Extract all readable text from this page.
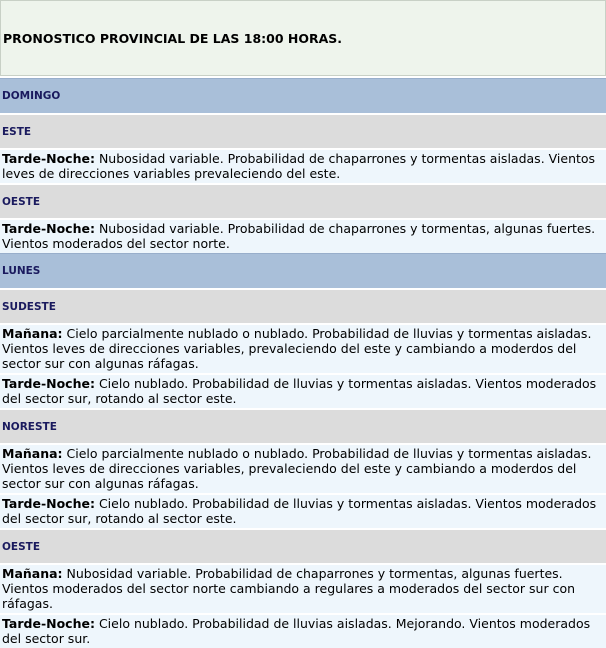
PRONOSTICO PROVINCIAL DE LAS 18:00 HORAS.
DOMINGO
ESTE
Tarde-Noche: Nubosidad variable. Probabilidad de chaparrones y tormentas aisladas. Vientos leves de direcciones variables prevaleciendo del este.
OESTE
Tarde-Noche: Nubosidad variable. Probabilidad de chaparrones y tormentas, algunas fuertes. Vientos moderados del sector norte.
LUNES
SUDESTE
Mañana: Cielo parcialmente nublado o nublado. Probabilidad de lluvias y tormentas aisladas. Vientos leves de direcciones variables, prevaleciendo del este y cambiando a moderdos del sector sur con algunas ráfagas.
Tarde-Noche: Cielo nublado. Probabilidad de lluvias y tormentas aisladas. Vientos moderados del sector sur, rotando al sector este.
NORESTE
Mañana: Cielo parcialmente nublado o nublado. Probabilidad de lluvias y tormentas aisladas. Vientos leves de direcciones variables, prevaleciendo del este y cambiando a moderdos del sector sur con algunas ráfagas.
Tarde-Noche: Cielo nublado. Probabilidad de lluvias y tormentas aisladas. Vientos moderados del sector sur, rotando al sector este.
OESTE
Mañana: Nubosidad variable. Probabilidad de chaparrones y tormentas, algunas fuertes. Vientos moderados del sector norte cambiando a regulares a moderados del sector sur con ráfagas.
Tarde-Noche: Cielo nublado. Probabilidad de lluvias aisladas. Mejorando. Vientos moderados del sector sur.
